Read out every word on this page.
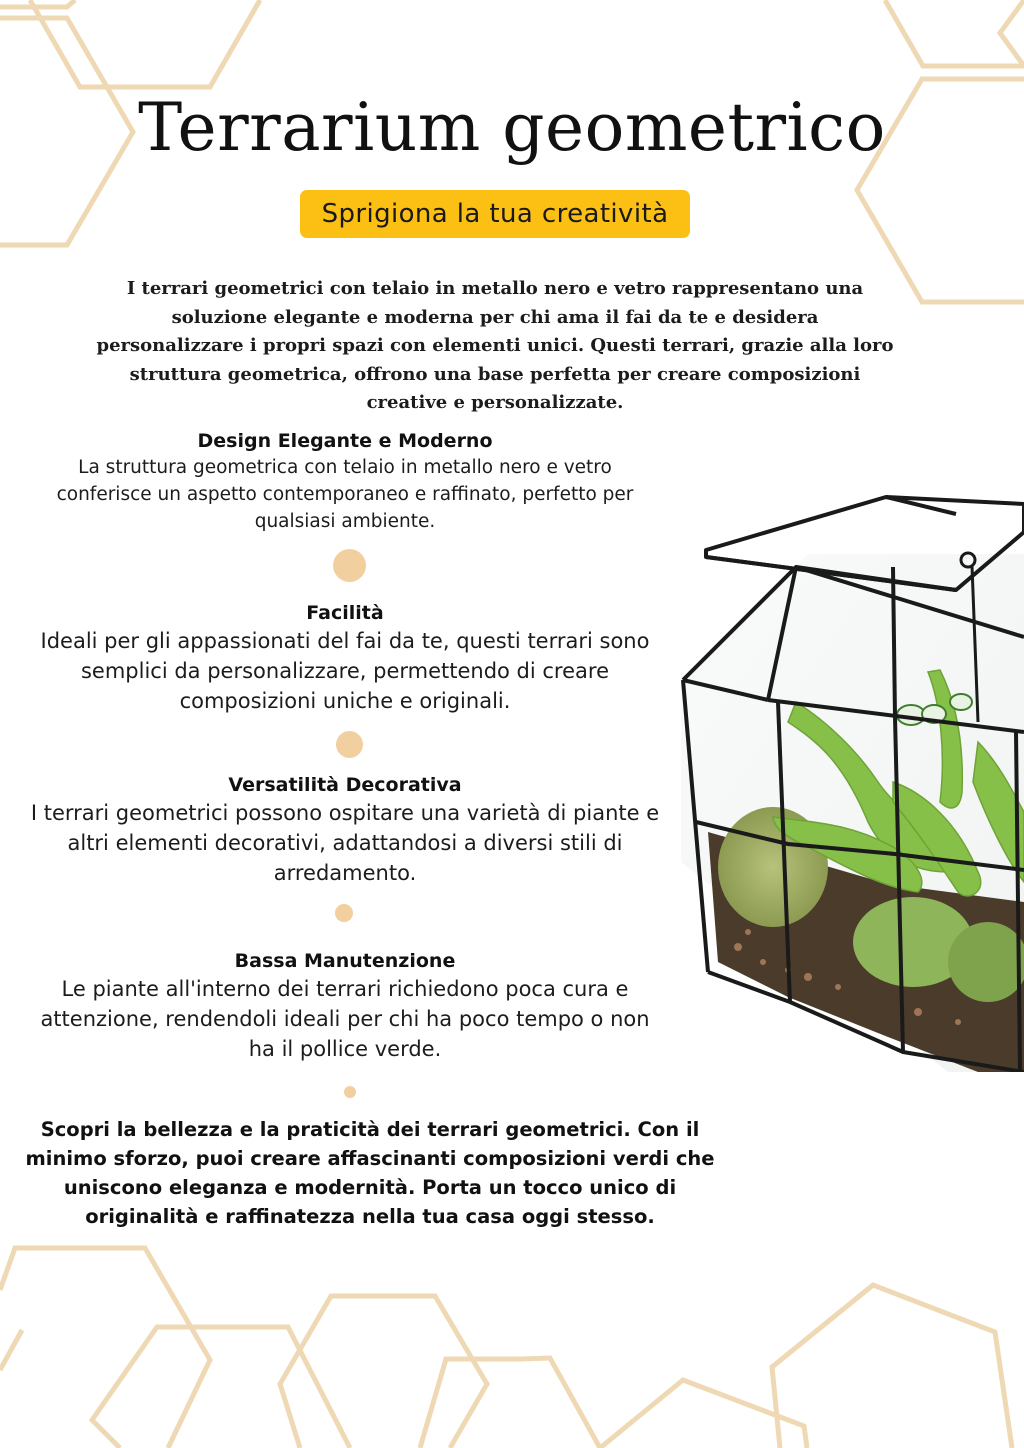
Terrarium geometrico
Sprigiona la tua creatività

I terrari geometrici con telaio in metallo nero e vetro rappresentano una soluzione elegante e moderna per chi ama il fai da te e desidera personalizzare i propri spazi con elementi unici. Questi terrari, grazie alla loro struttura geometrica, offrono una base perfetta per creare composizioni creative e personalizzate.

Design Elegante e Moderno

La struttura geometrica con telaio in metallo nero e vetro conferisce un aspetto contemporaneo e raffinato, perfetto per qualsiasi ambiente.

Facilità

Ideali per gli appassionati del fai da te, questi terrari sono semplici da personalizzare, permettendo di creare composizioni uniche e originali.

Versatilità Decorativa

I terrari geometrici possono ospitare una varietà di piante e altri elementi decorativi, adattandosi a diversi stili di arredamento.

Bassa Manutenzione

Le piante all'interno dei terrari richiedono poca cura e attenzione, rendendoli ideali per chi ha poco tempo o non ha il pollice verde.

Scopri la bellezza e la praticità dei terrari geometrici. Con il minimo sforzo, puoi creare affascinanti composizioni verdi che uniscono eleganza e modernità. Porta un tocco unico di originalità e raffinatezza nella tua casa oggi stesso.
